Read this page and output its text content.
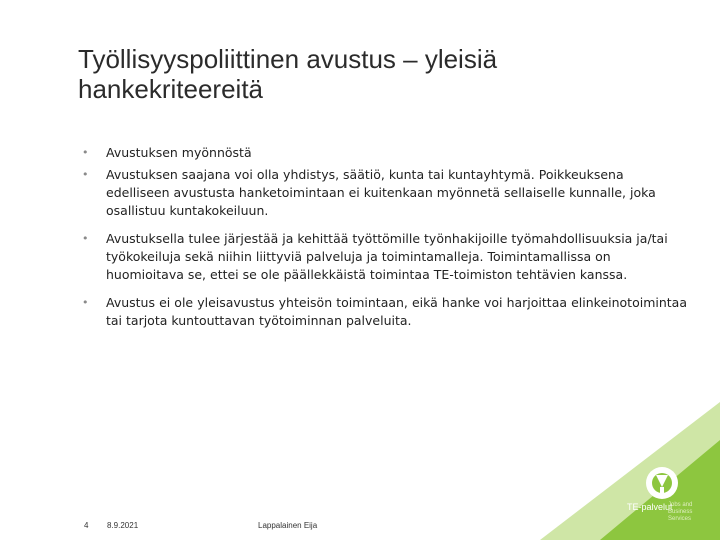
Työllisyyspoliittinen avustus – yleisiä hankekriteereitä
• Avustuksen myönnöstä
• Avustuksen saajana voi olla yhdistys, säätiö, kunta tai kuntayhtymä. Poikkeuksena edelliseen avustusta hanketoimintaan ei kuitenkaan myönnetä sellaiselle kunnalle, joka osallistuu kuntakokeiluun.
• Avustuksella tulee järjestää ja kehittää työttömille työnhakijoille työmahdollisuuksia ja/tai työkokeiluja sekä niihin liittyviä palveluja ja toimintamalleja. Toimintamallissa on huomioitava se, ettei se ole päällekkäistä toimintaa TE-toimiston tehtävien kanssa.
• Avustus ei ole yleisavustus yhteisön toimintaan, eikä hanke voi harjoittaa elinkeinotoimintaa tai tarjota kuntouttavan työtoiminnan palveluita.
TE-palvelut
Jobs and Business Services
4 8.9.2021	Lappalainen Eija
